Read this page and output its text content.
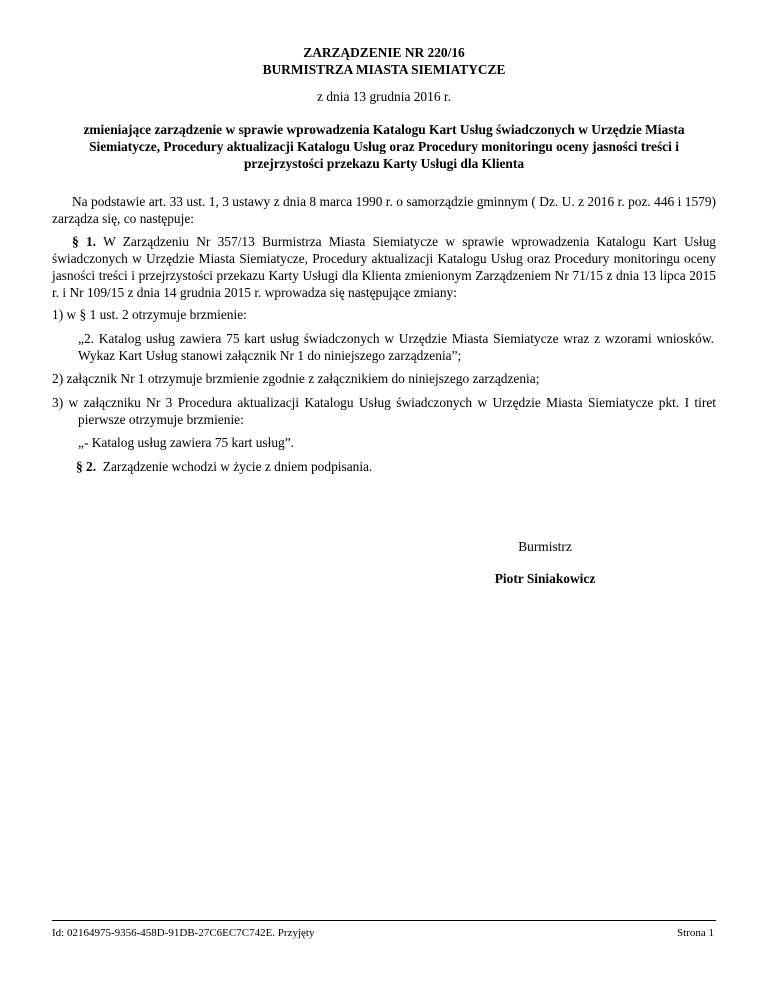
ZARZĄDZENIE NR 220/16
BURMISTRZA MIASTA SIEMIATYCZE
z dnia 13 grudnia 2016 r.
zmieniające zarządzenie w sprawie wprowadzenia Katalogu Kart Usług świadczonych w Urzędzie Miasta Siemiatycze, Procedury aktualizacji Katalogu Usług oraz Procedury monitoringu oceny jasności treści i przejrzystości przekazu Karty Usługi dla Klienta
Na podstawie art. 33 ust. 1, 3 ustawy z dnia 8 marca 1990 r. o samorządzie gminnym ( Dz. U. z 2016 r. poz. 446 i 1579) zarządza się, co następuje:
§ 1. W Zarządzeniu Nr 357/13 Burmistrza Miasta Siemiatycze w sprawie wprowadzenia Katalogu Kart Usług świadczonych w Urzędzie Miasta Siemiatycze, Procedury aktualizacji Katalogu Usług oraz Procedury monitoringu oceny jasności treści i przejrzystości przekazu Karty Usługi dla Klienta zmienionym Zarządzeniem Nr 71/15 z dnia 13 lipca 2015 r. i Nr 109/15 z dnia 14 grudnia 2015 r. wprowadza się następujące zmiany:
1) w § 1 ust. 2 otrzymuje brzmienie:
„2. Katalog usług zawiera 75 kart usług świadczonych w Urzędzie Miasta Siemiatycze wraz z wzorami wniosków. Wykaz Kart Usług stanowi załącznik Nr 1 do niniejszego zarządzenia”;
2) załącznik Nr 1 otrzymuje brzmienie zgodnie z załącznikiem do niniejszego zarządzenia;
3) w załączniku Nr 3 Procedura aktualizacji Katalogu Usług świadczonych w Urzędzie Miasta Siemiatycze pkt. I tiret pierwsze otrzymuje brzmienie:
„- Katalog usług zawiera 75 kart usług”.
§ 2. Zarządzenie wchodzi w życie z dniem podpisania.
Burmistrz
Piotr Siniakowicz
Id: 02164975-9356-458D-91DB-27C6EC7C742E. Przyjęty	Strona 1
